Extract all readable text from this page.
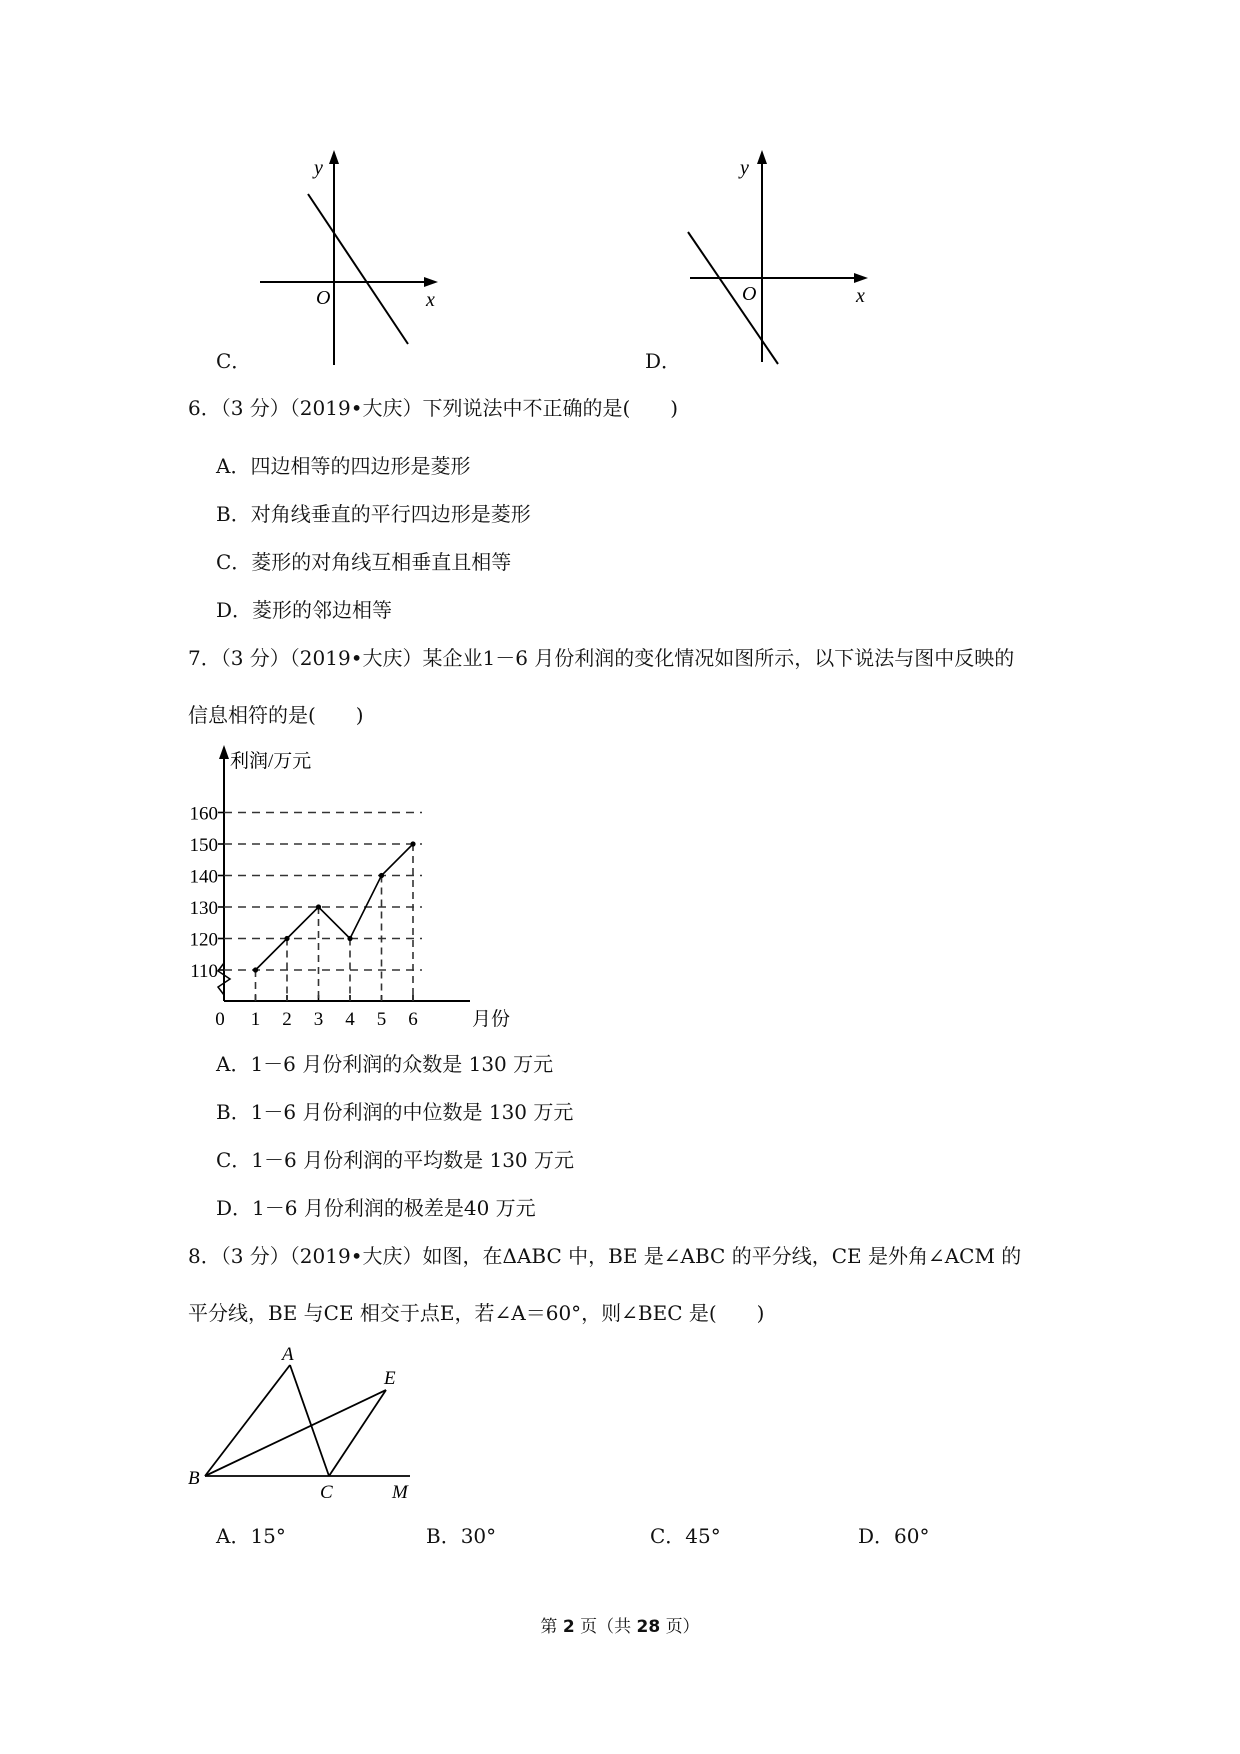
y
x
O
C．
y
x
O
D．
6．（3 分）（2019•大庆）下列说法中不正确的是(　　)
A．四边相等的四边形是菱形
B．对角线垂直的平行四边形是菱形
C．菱形的对角线互相垂直且相等
D．菱形的邻边相等
7．（3 分）（2019•大庆）某企业1－6 月份利润的变化情况如图所示，以下说法与图中反映的
信息相符的是(　　)
利润/万元
月份
0
110
120
130
140
150
160
1 2 3 4 5 6
A．1－6 月份利润的众数是 130 万元
B．1－6 月份利润的中位数是 130 万元
C．1－6 月份利润的平均数是 130 万元
D．1－6 月份利润的极差是40 万元
8．（3 分）（2019•大庆）如图，在ΔABC 中，BE 是∠ABC 的平分线，CE 是外角∠ACM 的
平分线，BE 与CE 相交于点E，若∠A＝60°，则∠BEC 是(　　)
A
B
C
E
M
A．15°	B．30°	C．45°	D．60°
第 2 页（共 28 页）
